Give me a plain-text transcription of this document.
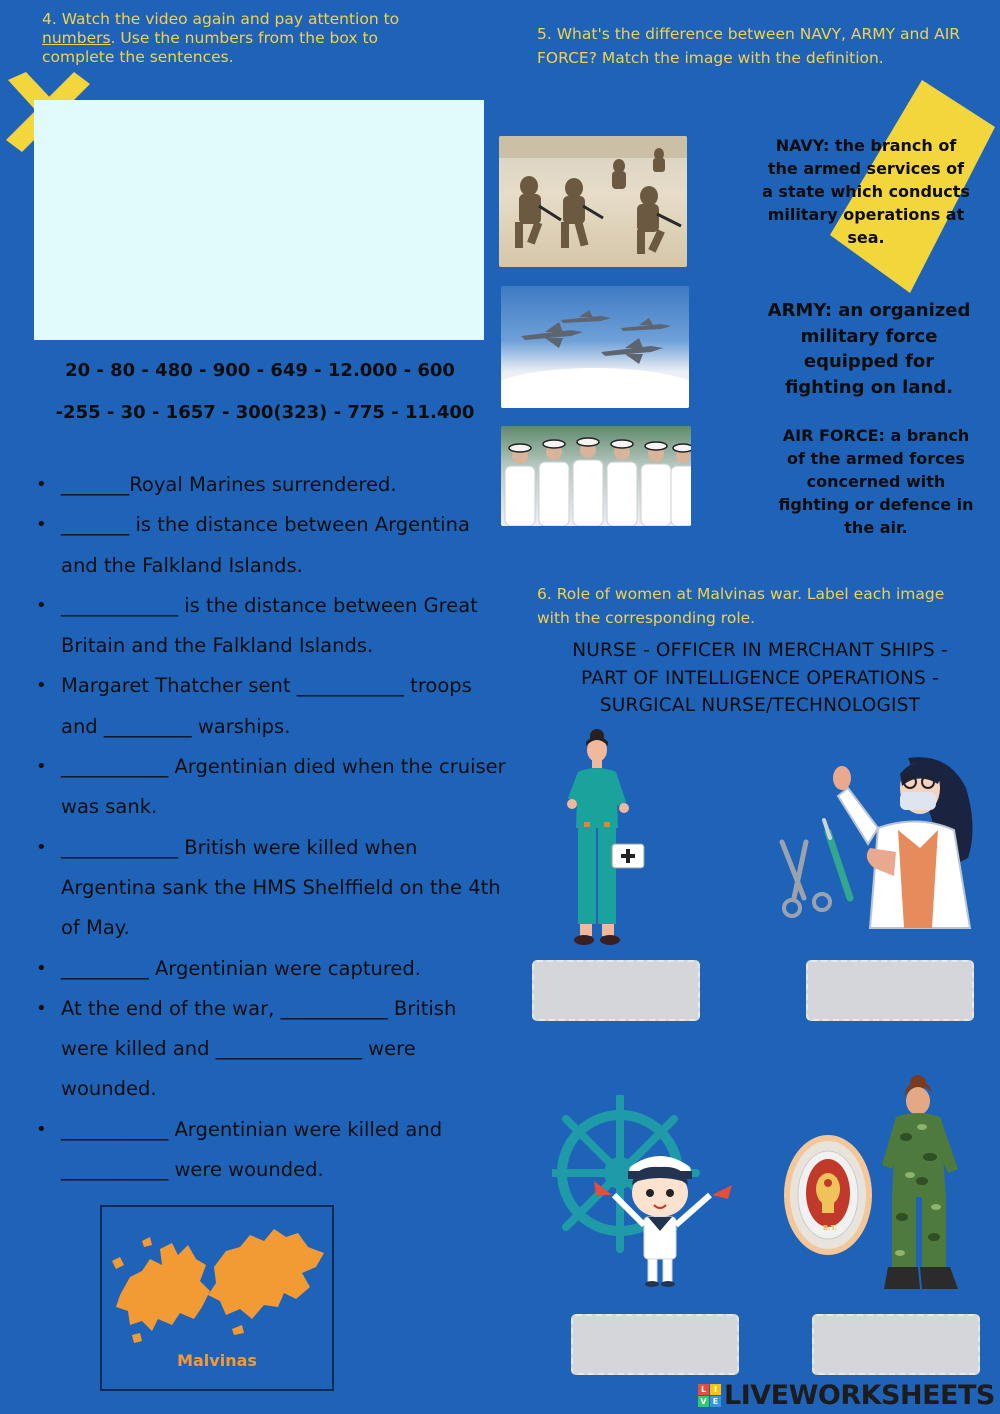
4. Watch the video again and pay attention to numbers. Use the numbers from the box to complete the sentences.
20 - 80 - 480 - 900 - 649 - 12.000 - 600
-255 - 30 - 1657 - 300(323) - 775 - 11.400
• _______Royal Marines surrendered.
• _______ is the distance between Argentina and the Falkland Islands.
• ____________ is the distance between Great Britain and the Falkland Islands.
• Margaret Thatcher sent ___________ troops and _________ warships.
• ___________ Argentinian died when the cruiser was sank.
• ____________ British were killed when Argentina sank the HMS Shelffield on the 4th of May.
• _________ Argentinian were captured.
• At the end of the war, ___________ British were killed and _______________ were wounded.
• ___________ Argentinian were killed and ___________ were wounded.
Malvinas
5. What's the difference between NAVY, ARMY and AIR FORCE? Match the image with the definition.
NAVY: the branch of the armed services of a state which conducts military operations at sea.
ARMY: an organized military force equipped for fighting on land.
AIR FORCE: a branch of the armed forces concerned with fighting or defence in the air.
6. Role of women at Malvinas war. Label each image with the corresponding role.
NURSE - OFFICER IN MERCHANT SHIPS -
PART OF INTELLIGENCE OPERATIONS -
SURGICAL NURSE/TECHNOLOGIST
B.T.
L I
V E LIVEWORKSHEETS
